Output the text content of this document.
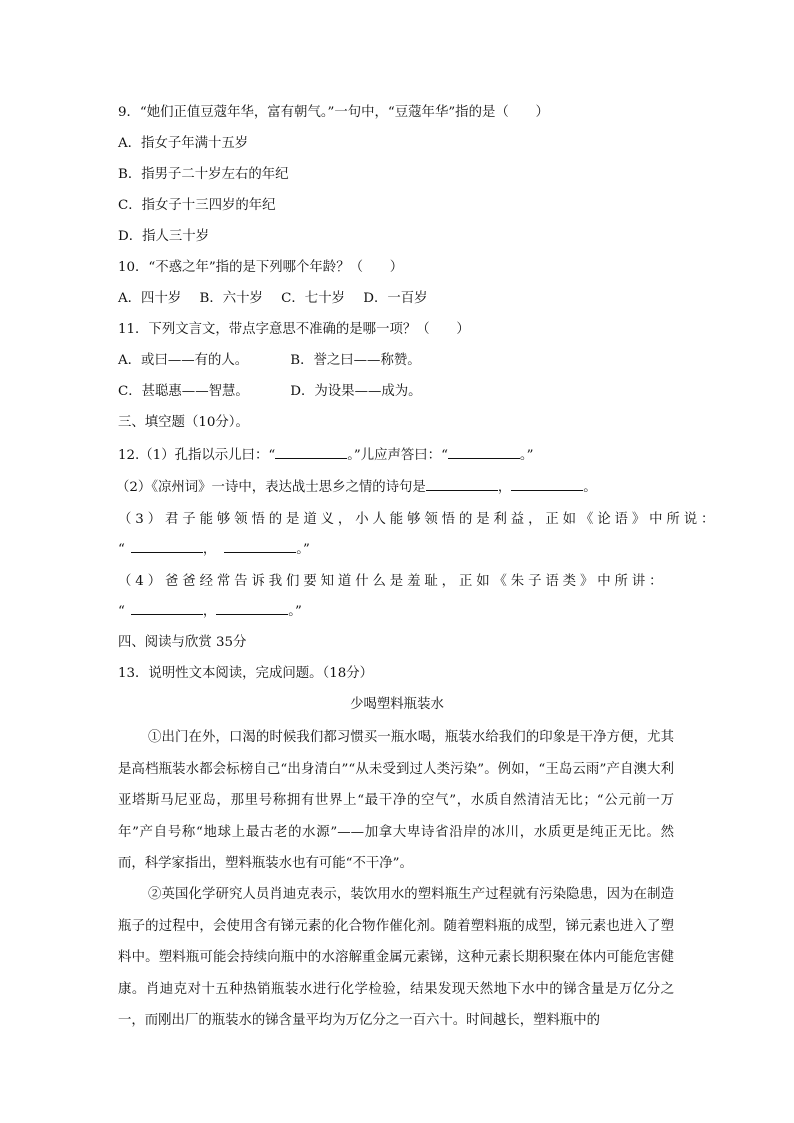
9．“她们正值豆蔻年华，富有朝气。”一句中，“豆蔻年华”指的是（　　）
A．指女子年满十五岁
B．指男子二十岁左右的年纪
C．指女子十三四岁的年纪
D．指人三十岁
10．“不惑之年”指的是下列哪个年龄？（　　）
A．四十岁 B．六十岁 C．七十岁 D．一百岁
11．下列文言文，带点字意思不准确的是哪一项？（　　）
A．或曰——有的人。	B．誉之曰——称赞。
C．甚聪惠——智慧。	D．为设果——成为。
三、填空题（10分）。
12.（1）孔指以示儿曰：“	。”儿应声答曰：“	。”
（2）《凉州词》一诗中，表达战士思乡之情的诗句是	，	。
（3）君子能够领悟的是道义，小人能够领悟的是利益，正如《论语》中所说：
“	，	。”
（4）爸爸经常告诉我们要知道什么是羞耻，正如《朱子语类》中所讲：
“	，	。”
四、阅读与欣赏 35分
13．说明性文本阅读，完成问题。（18分）
少喝塑料瓶装水
①出门在外，口渴的时候我们都习惯买一瓶水喝，瓶装水给我们的印象是干净方便，尤其是高档瓶装水都会标榜自己“出身清白”“从未受到过人类污染”。例如，“王岛云雨”产自澳大利亚塔斯马尼亚岛，那里号称拥有世界上“最干净的空气”，水质自然清洁无比；“公元前一万年”产自号称“地球上最古老的水源”——加拿大卑诗省沿岸的冰川，水质更是纯正无比。然而，科学家指出，塑料瓶装水也有可能“不干净”。
②英国化学研究人员肖迪克表示，装饮用水的塑料瓶生产过程就有污染隐患，因为在制造瓶子的过程中，会使用含有锑元素的化合物作催化剂。随着塑料瓶的成型，锑元素也进入了塑料中。塑料瓶可能会持续向瓶中的水溶解重金属元素锑，这种元素长期积聚在体内可能危害健康。肖迪克对十五种热销瓶装水进行化学检验，结果发现天然地下水中的锑含量是万亿分之一，而刚出厂的瓶装水的锑含量平均为万亿分之一百六十。时间越长，塑料瓶中的
